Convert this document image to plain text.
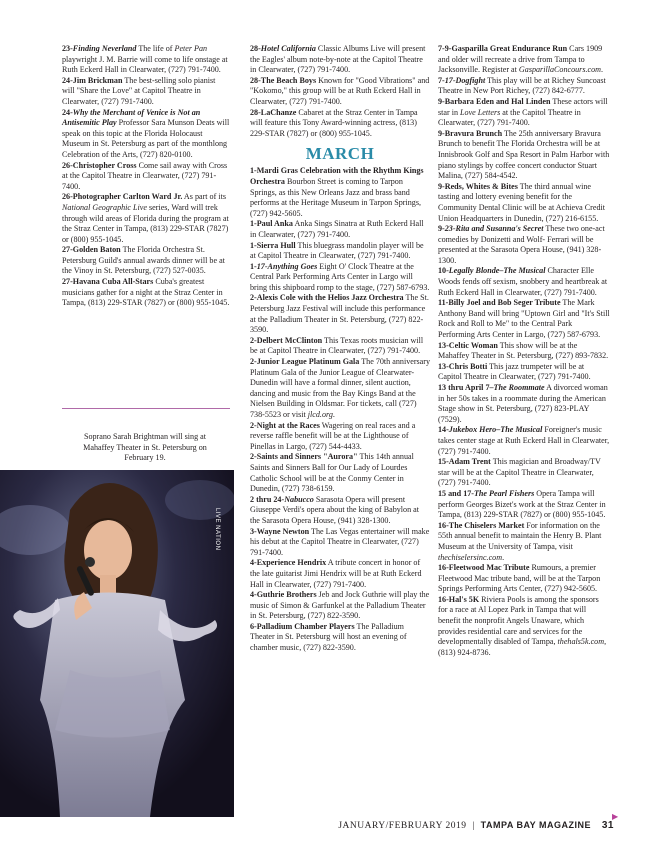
23-Finding Neverland The life of Peter Pan playwright J. M. Barrie will come to life onstage at Ruth Eckerd Hall in Clearwater, (727) 791-7400.

24-Jim Brickman The best-selling solo pianist will "Share the Love" at Capitol Theatre in Clearwater, (727) 791-7400.

24-Why the Merchant of Venice is Not an Antisemitic Play Professor Sara Munson Deats will speak on this topic at the Florida Holocaust Museum in St. Petersburg as part of the monthlong Celebration of the Arts, (727) 820-0100.

26-Christopher Cross Come sail away with Cross at the Capitol Theatre in Clearwater, (727) 791-7400.

26-Photographer Carlton Ward Jr. As part of its National Geographic Live series, Ward will trek through wild areas of Florida during the program at the Straz Center in Tampa, (813) 229-STAR (7827) or (800) 955-1045.

27-Golden Baton The Florida Orchestra St. Petersburg Guild's annual awards dinner will be at the Vinoy in St. Petersburg, (727) 527-0035.

27-Havana Cuba All-Stars Cuba's greatest musicians gather for a night at the Straz Center in Tampa, (813) 229-STAR (7827) or (800) 955-1045.

28-Hotel California Classic Albums Live will present the Eagles' album note-by-note at the Capitol Theatre in Clearwater, (727) 791-7400.

28-The Beach Boys Known for "Good Vibrations" and "Kokomo," this group will be at Ruth Eckerd Hall in Clearwater, (727) 791-7400.

28-LaChanze Cabaret at the Straz Center in Tampa will feature this Tony Award-winning actress, (813) 229-STAR (7827) or (800) 955-1045.

MARCH

1-Mardi Gras Celebration with the Rhythm Kings Orchestra Bourbon Street is coming to Tarpon Springs, as this New Orleans Jazz and brass band performs at the Heritage Museum in Tarpon Springs, (727) 942-5605.

1-Paul Anka Anka Sings Sinatra at Ruth Eckerd Hall in Clearwater, (727) 791-7400.

1-Sierra Hull This bluegrass mandolin player will be at Capitol Theatre in Clearwater, (727) 791-7400.

1-17-Anything Goes Eight O' Clock Theatre at the Central Park Performing Arts Center in Largo will bring this shipboard romp to the stage, (727) 587-6793.

2-Alexis Cole with the Helios Jazz Orchestra The St. Petersburg Jazz Festival will include this performance at the Palladium Theater in St. Petersburg, (727) 822-3590.

2-Delbert McClinton This Texas roots musician will be at Capitol Theatre in Clearwater, (727) 791-7400.

2-Junior League Platinum Gala The 70th anniversary Platinum Gala of the Junior League of Clearwater-Dunedin will have a formal dinner, silent auction, dancing and music from the Bay Kings Band at the Nielsen Building in Oldsmar. For tickets, call (727) 738-5523 or visit jlcd.org.

2-Night at the Races Wagering on real races and a reverse raffle benefit will be at the Lighthouse of Pinellas in Largo, (727) 544-4433.

2-Saints and Sinners "Aurora" This 14th annual Saints and Sinners Ball for Our Lady of Lourdes Catholic School will be at the Conmy Center in Dunedin, (727) 738-6159.

2 thru 24-Nabucco Sarasota Opera will present Giuseppe Verdi's opera about the king of Babylon at the Sarasota Opera House, (941) 328-1300.

3-Wayne Newton The Las Vegas entertainer will make his debut at the Capitol Theatre in Clearwater, (727) 791-7400.

4-Experience Hendrix A tribute concert in honor of the late guitarist Jimi Hendrix will be at Ruth Eckerd Hall in Clearwater, (727) 791-7400.

4-Guthrie Brothers Jeb and Jock Guthrie will play the music of Simon & Garfunkel at the Palladium Theater in St. Petersburg, (727) 822-3590.

6-Palladium Chamber Players The Palladium Theater in St. Petersburg will host an evening of chamber music, (727) 822-3590.

7-9-Gasparilla Great Endurance Run Cars 1909 and older will recreate a drive from Tampa to Jacksonville. Register at GasparillaConcours.com.

7-17-Dogfight This play will be at Richey Suncoast Theatre in New Port Richey, (727) 842-6777.

9-Barbara Eden and Hal Linden These actors will star in Love Letters at the Capitol Theatre in Clearwater, (727) 791-7400.

9-Bravura Brunch The 25th anniversary Bravura Brunch to benefit The Florida Orchestra will be at Innisbrook Golf and Spa Resort in Palm Harbor with piano stylings by coffee concert conductor Stuart Malina, (727) 584-4542.

9-Reds, Whites & Bites The third annual wine tasting and lottery evening benefit for the Community Dental Clinic will be at Achieva Credit Union Headquarters in Dunedin, (727) 216-6155.

9-23-Rita and Susanna's Secret These two one-act comedies by Donizetti and Wolf- Ferrari will be presented at the Sarasota Opera House, (941) 328-1300.

10-Legally Blonde–The Musical Character Elle Woods fends off sexism, snobbery and heartbreak at Ruth Eckerd Hall in Clearwater, (727) 791-7400.

11-Billy Joel and Bob Seger Tribute The Mark Anthony Band will bring "Uptown Girl and "It's Still Rock and Roll to Me" to the Central Park Performing Arts Center in Largo, (727) 587-6793.

13-Celtic Woman This show will be at the Mahaffey Theater in St. Petersburg, (727) 893-7832.

13-Chris Botti This jazz trumpeter will be at Capitol Theatre in Clearwater, (727) 791-7400.

13 thru April 7–The Roommate A divorced woman in her 50s takes in a roommate during the American Stage show in St. Petersburg, (727) 823-PLAY (7529).

14-Jukebox Hero–The Musical Foreigner's music takes center stage at Ruth Eckerd Hall in Clearwater, (727) 791-7400.

15-Adam Trent This magician and Broadway/TV star will be at the Capitol Theatre in Clearwater, (727) 791-7400.

15 and 17-The Pearl Fishers Opera Tampa will perform Georges Bizet's work at the Straz Center in Tampa, (813) 229-STAR (7827) or (800) 955-1045.

16-The Chiselers Market For information on the 55th annual benefit to maintain the Henry B. Plant Museum at the University of Tampa, visit thechiselersinc.com.

16-Fleetwood Mac Tribute Rumours, a premier Fleetwood Mac tribute band, will be at the Tarpon Springs Performing Arts Center, (727) 942-5605.

16-Hal's 5K Riviera Pools is among the sponsors for a race at Al Lopez Park in Tampa that will benefit the nonprofit Angels Unaware, which provides residential care and services for the developmentally disabled of Tampa, thehals5k.com, (813) 924-8736.

Soprano Sarah Brightman will sing at Mahaffey Theater in St. Petersburg on February 19.
LIVE NATION
▶
JANUARY/FEBRUARY 2019 | TAMPA BAY MAGAZINE 31
